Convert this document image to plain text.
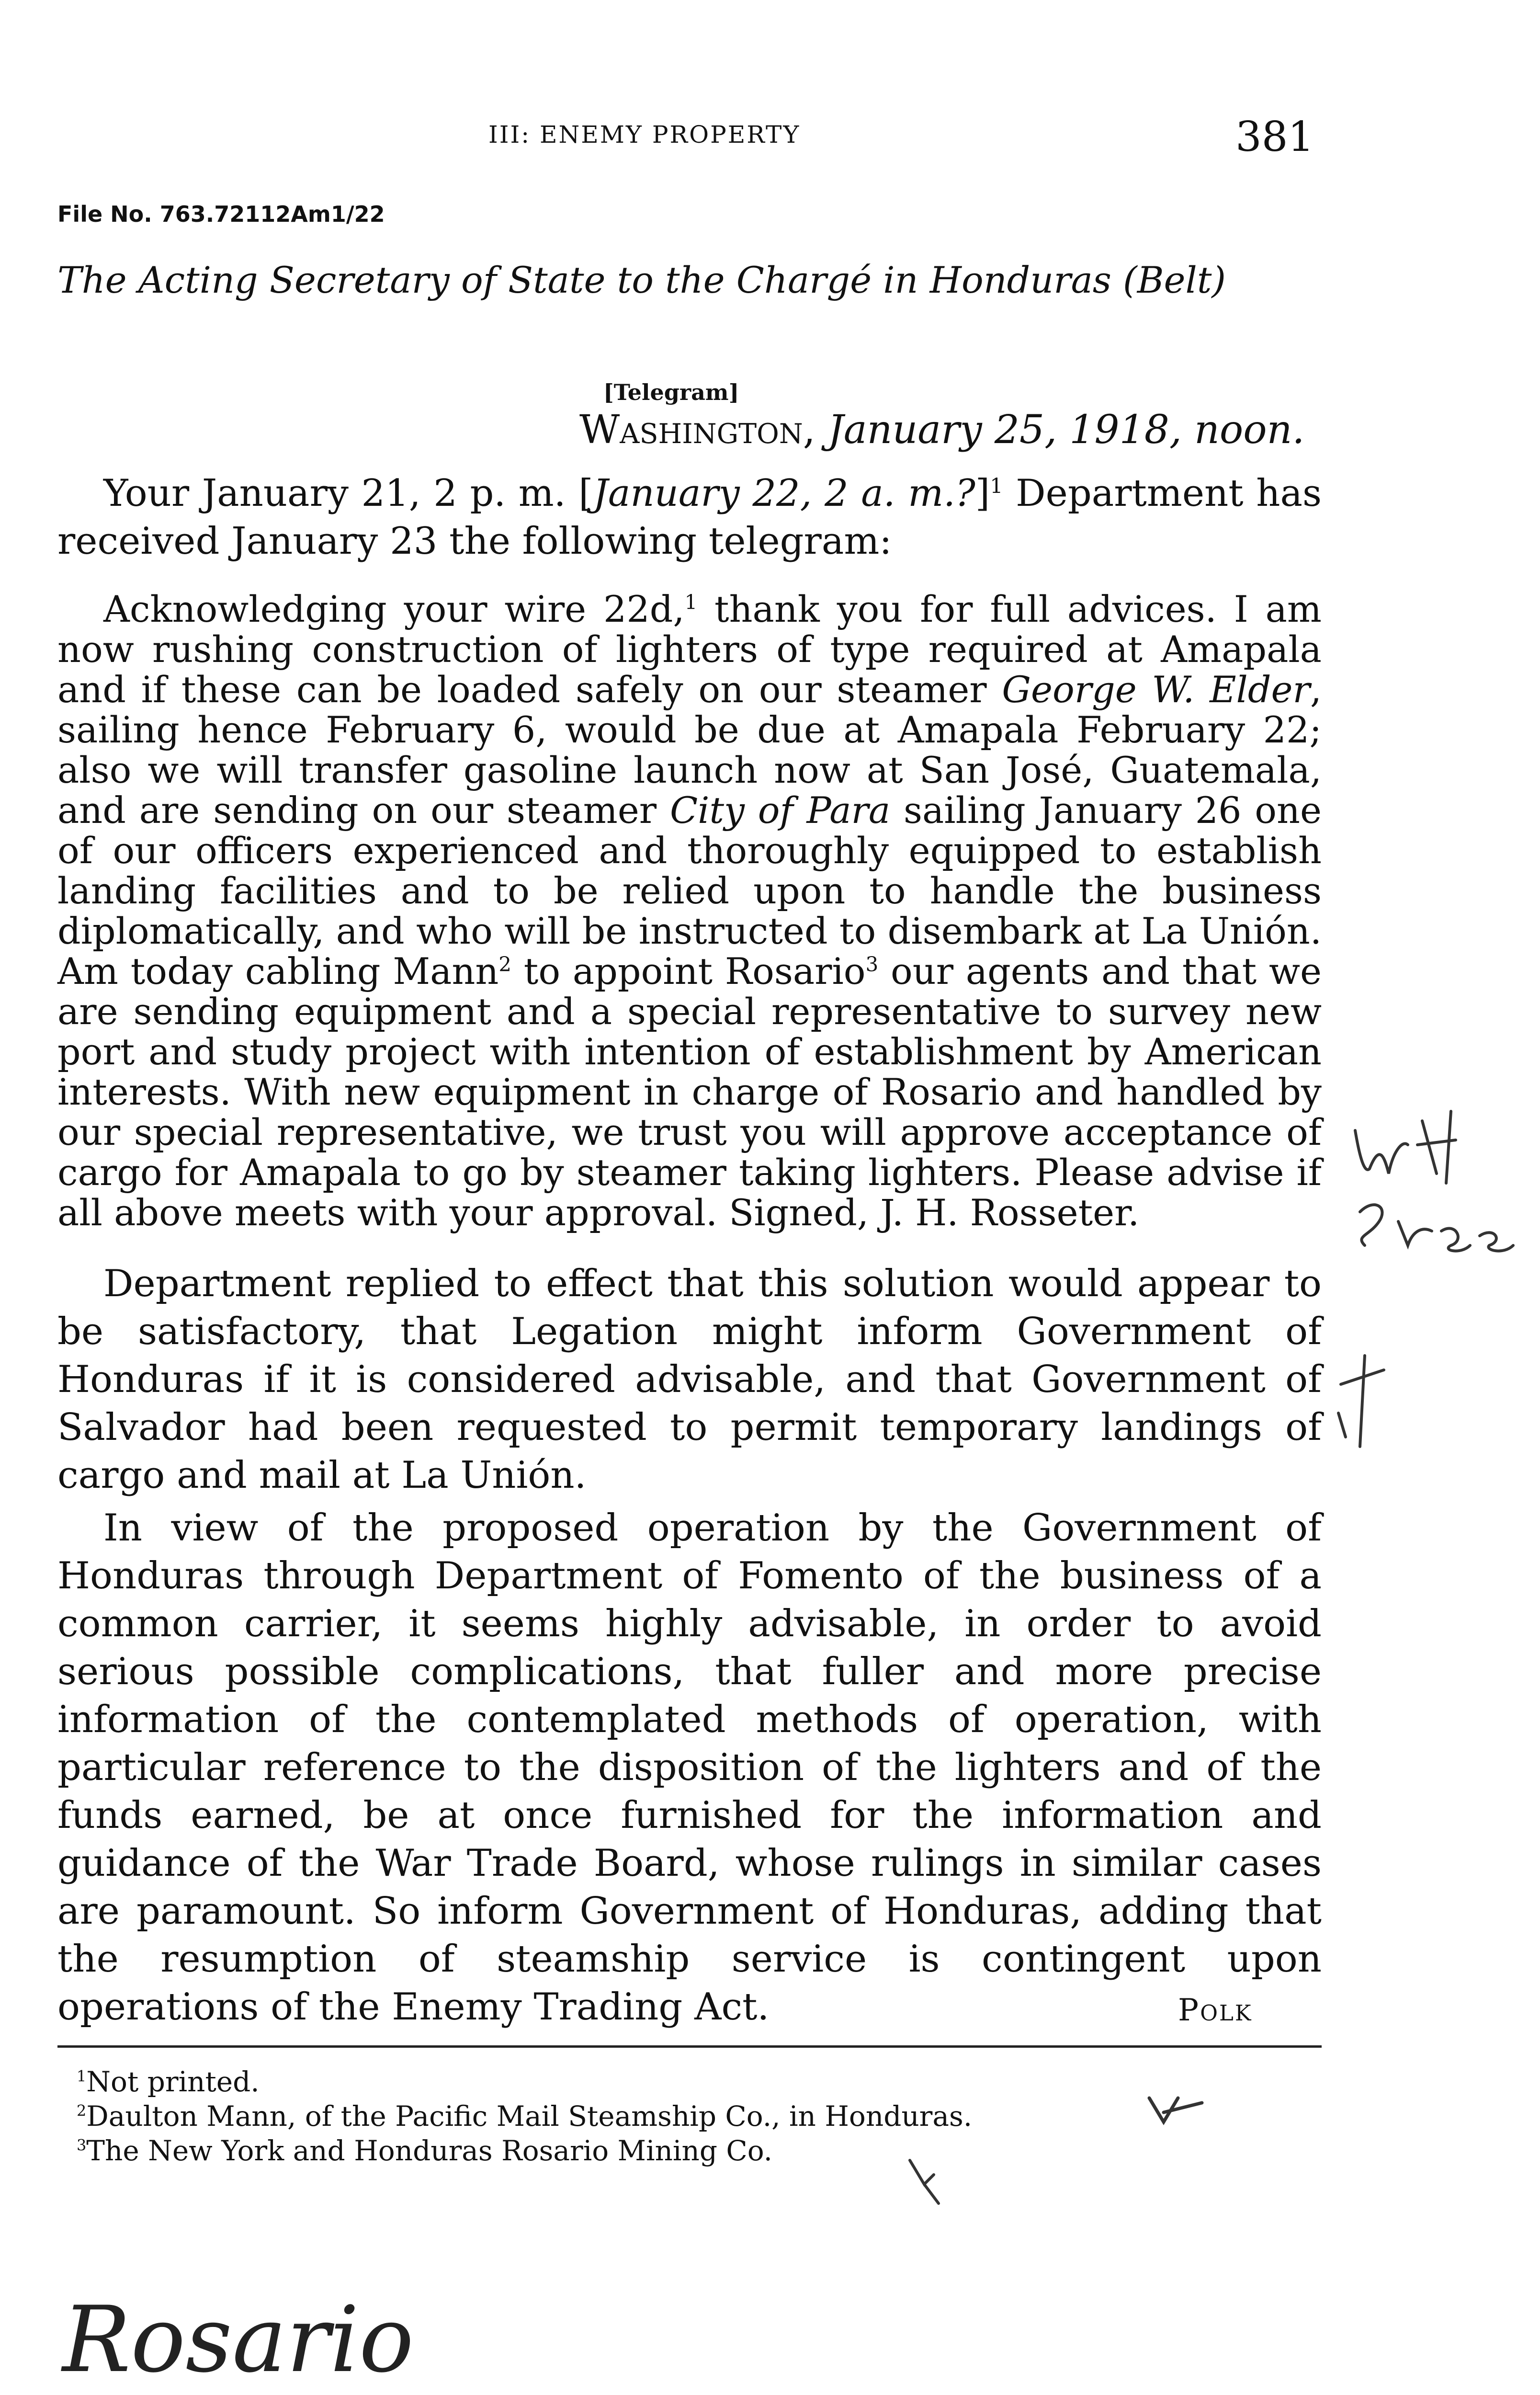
III: ENEMY PROPERTY	381
File No. 763.72112Am1/22
The Acting Secretary of State to the Chargé in Honduras (Belt)
[Telegram]
Washington, January 25, 1918, noon.

Your January 21, 2 p. m. [January 22, 2 a. m.?]$^1$ Department has received January 23 the following telegram:

Acknowledging your wire 22d,$^1$ thank you for full advices. I am now rushing construction of lighters of type required at Amapala and if these can be loaded safely on our steamer George W. Elder, sailing hence February 6, would be due at Amapala February 22; also we will transfer gasoline launch now at San José, Guatemala, and are sending on our steamer City of Para sailing January 26 one of our officers experienced and thoroughly equipped to establish landing facilities and to be relied upon to handle the business diplomatically, and who will be instructed to disembark at La Unión. Am today cabling Mann$^2$ to appoint Rosario$^3$ our agents and that we are sending equipment and a special representative to survey new port and study project with intention of establishment by American interests. With new equipment in charge of Rosario and handled by our special representative, we trust you will approve acceptance of cargo for Amapala to go by steamer taking lighters. Please advise if all above meets with your approval. Signed, J. H. Rosseter.

Department replied to effect that this solution would appear to be satisfactory, that Legation might inform Government of Honduras if it is considered advisable, and that Government of Salvador had been requested to permit temporary landings of cargo and mail at La Unión.

In view of the proposed operation by the Government of Honduras through Department of Fomento of the business of a common carrier, it seems highly advisable, in order to avoid serious possible complications, that fuller and more precise information of the contemplated methods of operation, with particular reference to the disposition of the lighters and of the funds earned, be at once furnished for the information and guidance of the War Trade Board, whose rulings in similar cases are paramount. So inform Government of Honduras, adding that the resumption of steamship service is contingent upon operations of the Enemy Trading Act.	Polk
$^1$Not printed.
$^2$Daulton Mann, of the Pacific Mail Steamship Co., in Honduras.
$^3$The New York and Honduras Rosario Mining Co.
Rosario
